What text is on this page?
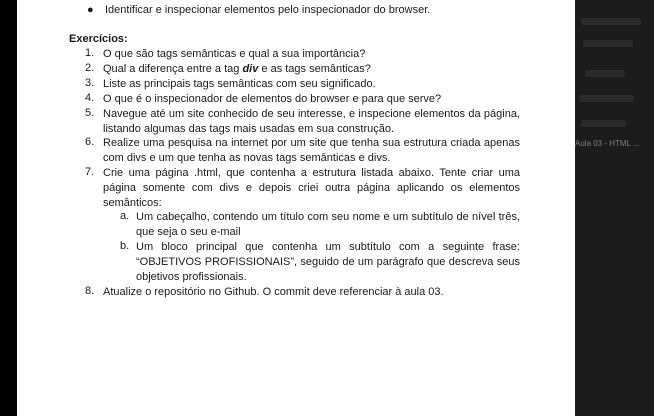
● Identificar e inspecionar elementos pelo inspecionador do browser.
Exercícios:
1. O que são tags semânticas e qual a sua importância?
2. Qual a diferença entre a tag div e as tags semânticas?
3. Liste as principais tags semânticas com seu significado.
4. O que é o inspecionador de elementos do browser e para que serve?
5. Navegue até um site conhecido de seu interesse, e inspecione elementos da página, listando algumas das tags mais usadas em sua construção.
6. Realize uma pesquisa na internet por um site que tenha sua estrutura criada apenas com divs e um que tenha as novas tags semânticas e divs.
7. Crie uma página .html, que contenha a estrutura listada abaixo. Tente criar uma página somente com divs e depois criei outra página aplicando os elementos semânticos:
a. Um cabeçalho, contendo um título com seu nome e um subtítulo de nível três, que seja o seu e-mail
b. Um bloco principal que contenha um subtítulo com a seguinte frase: “OBJETIVOS PROFISSIONAIS”, seguido de um parágrafo que descreva seus objetivos profissionais.
8. Atualize o repositório no Github. O commit deve referenciar à aula 03.
Aula 03 - HTML ...
